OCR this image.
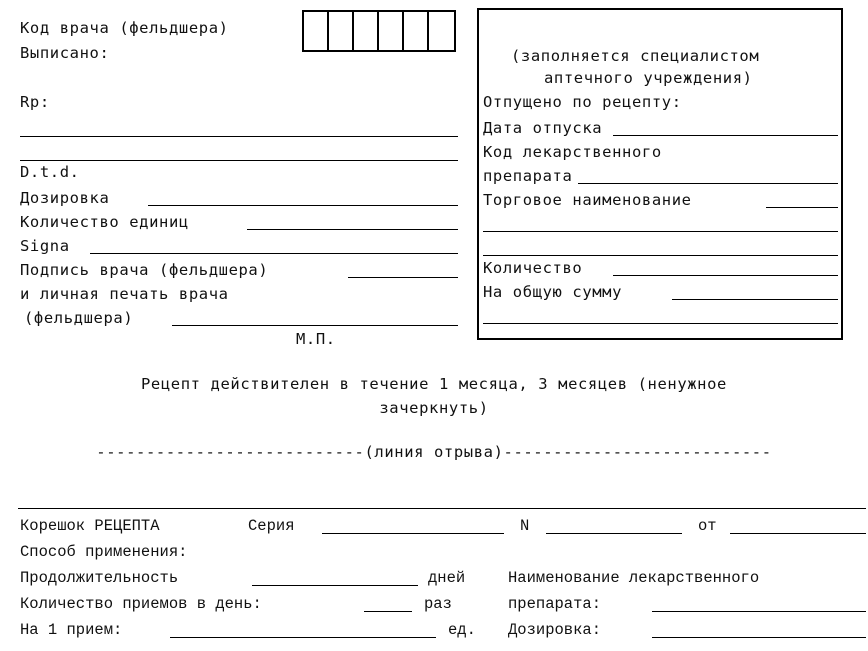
Код врача (фельдшера)
Выписано:
Rp:
D.t.d.
Дозировка
Количество единиц
Signa
Подпись врача (фельдшера)
и личная печать врача
(фельдшера)
М.П.
(заполняется специалистом
аптечного учреждения)
Отпущено по рецепту:
Дата отпуска
Код лекарственного
препарата
Торговое наименование
Количество
На общую сумму
Рецепт действителен в течение 1 месяца, 3 месяцев (ненужное
зачеркнуть)
---------------------------(линия отрыва)---------------------------
Корешок РЕЦЕПТА	Серия	N	от
Способ применения:
Продолжительность	дней	Наименование лекарственного
Количество приемов в день:	раз	препарата:
На 1 прием:	ед. Дозировка:
